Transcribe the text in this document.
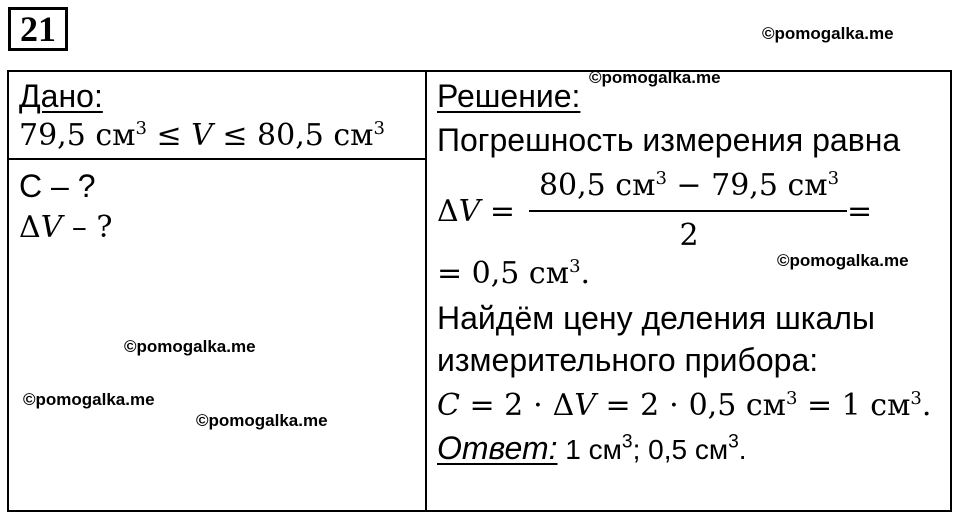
21	©pomogalka.me
Дано:
79,5 $см^3 \le V \le 80,5$ $см^3$
C – ?
ΔV – ?
Решение:
Погрешность измерения равна
ΔV =
80,5 $см^3 - 79,5$ $см^3$
2
=
= 0,5 $см^3$.
Найдём цену деления шкалы
измерительного прибора:
C = 2 ⋅ ΔV = 2 ⋅ 0,5 $см^3 = 1$ $см^3$.
Ответ: 1 $см^3$; 0,5 $см^3$.
©pomogalka.me
©pomogalka.me
©pomogalka.me
©pomogalka.me
©pomogalka.me
